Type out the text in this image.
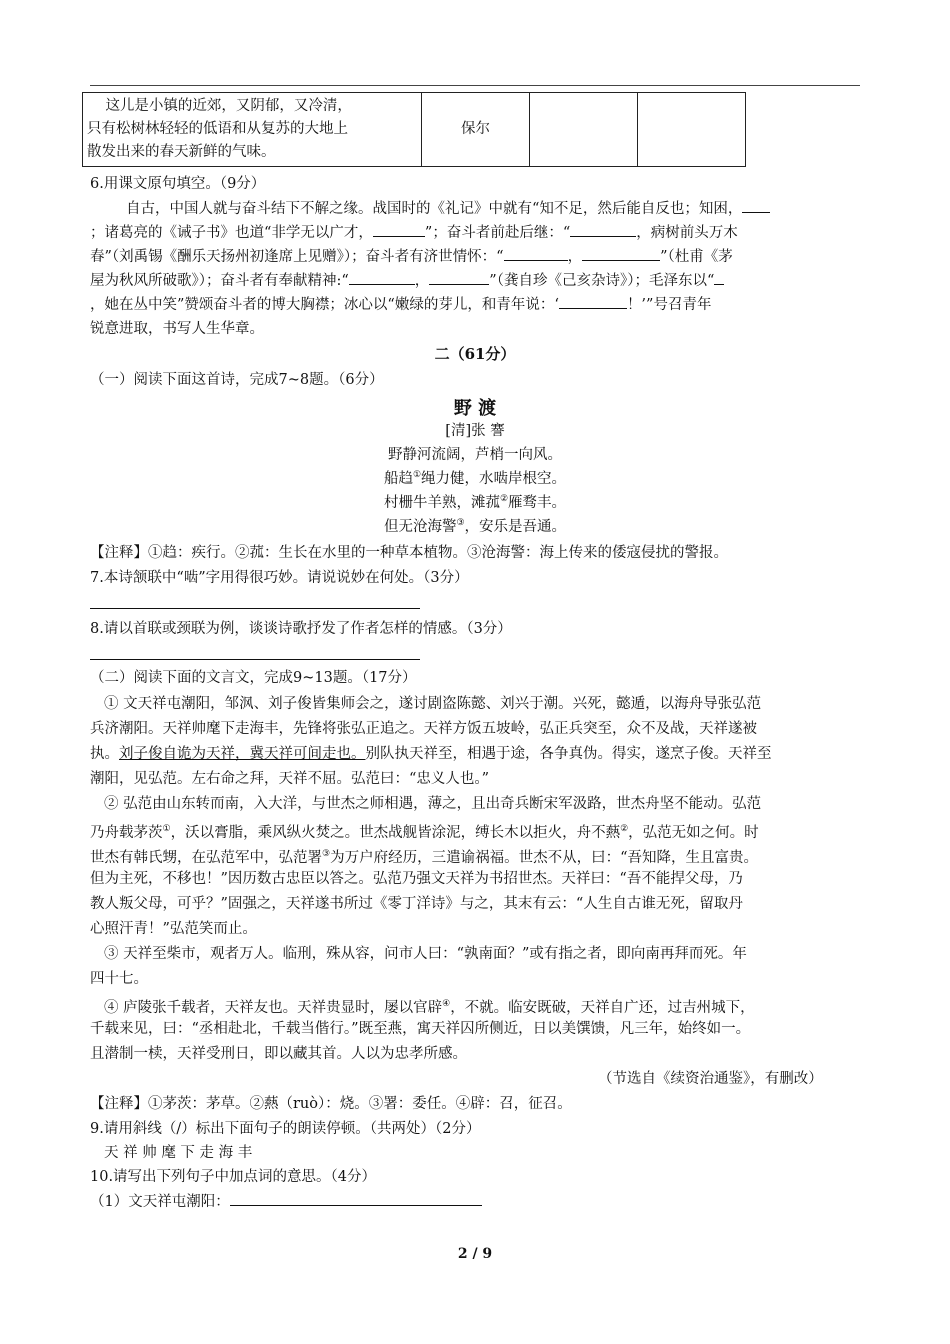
这儿是小镇的近郊，又阴郁，又冷清，
只有松树林轻轻的低语和从复苏的大地上
散发出来的春天新鲜的气味。
	保尔		
6.用课文原句填空。（9分）
自古，中国人就与奋斗结下不解之缘。战国时的《礼记》中就有“知不足，然后能自反也；知困，
；诸葛亮的《诫子书》也道“非学无以广才，	”；奋斗者前赴后继：“	，病树前头万木
春”（刘禹锡《酬乐天扬州初逢席上见赠》）；奋斗者有济世情怀：“	，	”（杜甫《茅
屋为秋风所破歌》）；奋斗者有奉献精神:“	，	”（龚自珍《己亥杂诗》）；毛泽东以“
，她在丛中笑”赞颂奋斗者的博大胸襟；冰心以“嫩绿的芽儿，和青年说：‘	！’”号召青年
锐意进取，书写人生华章。
二（61分）
（一）阅读下面这首诗，完成7~8题。（6分）
野 渡
[清]张 謇
野静河流阔，芦梢一向风。
船趋①绳力健，水啮岸根空。
村栅牛羊熟，滩菰②雁骛丰。
但无沧海警③，安乐是吾通。
【注释】①趋：疾行。②菰：生长在水里的一种草本植物。③沧海警：海上传来的倭寇侵扰的警报。
7.本诗颔联中“啮”字用得很巧妙。请说说妙在何处。（3分）
8.请以首联或颈联为例，谈谈诗歌抒发了作者怎样的情感。（3分）
（二）阅读下面的文言文，完成9~13题。（17分）
① 文天祥屯潮阳，邹沨、刘子俊皆集师会之，遂讨剧盗陈懿、刘兴于潮。兴死，懿遁，以海舟导张弘范
兵济潮阳。天祥帅麾下走海丰，先锋将张弘正追之。天祥方饭五坡岭，弘正兵突至，众不及战，天祥遂被
执。刘子俊自诡为天祥，冀天祥可间走也。别队执天祥至，相遇于途，各争真伪。得实，遂烹子俊。天祥至
潮阳，见弘范。左右命之拜，天祥不屈。弘范曰：“忠义人也。”
② 弘范由山东转而南，入大洋，与世杰之师相遇，薄之，且出奇兵断宋军汲路，世杰舟坚不能动。弘范
乃舟载茅茨①，沃以膏脂，乘风纵火焚之。世杰战舰皆涂泥，缚长木以拒火，舟不爇②，弘范无如之何。时
世杰有韩氏甥，在弘范军中，弘范署③为万户府经历，三遣谕祸福。世杰不从，曰：“吾知降，生且富贵。
但为主死，不移也！”因历数古忠臣以答之。弘范乃强文天祥为书招世杰。天祥曰：“吾不能捍父母，乃
教人叛父母，可乎？”固强之，天祥遂书所过《零丁洋诗》与之，其末有云：“人生自古谁无死，留取丹
心照汗青！”弘范笑而止。
③ 天祥至柴市，观者万人。临刑，殊从容，问市人曰：“孰南面？”或有指之者，即向南再拜而死。年
四十七。
④ 庐陵张千载者，天祥友也。天祥贵显时，屡以官辟④，不就。临安既破，天祥自广还，过吉州城下，
千载来见，曰：“丞相赴北，千载当偕行。”既至燕，寓天祥囚所侧近，日以美馔馈，凡三年，始终如一。
且潜制一椟，天祥受刑日，即以藏其首。人以为忠孝所感。
（节选自《续资治通鉴》，有删改）
【注释】①茅茨：茅草。②爇（ruò）：烧。③署：委任。④辟：召，征召。
9.请用斜线（/）标出下面句子的朗读停顿。（共两处）（2分）
天 祥 帅 麾 下 走 海 丰
10.请写出下列句子中加点词的意思。（4分）
（1）文天祥屯潮阳：
2 / 9
